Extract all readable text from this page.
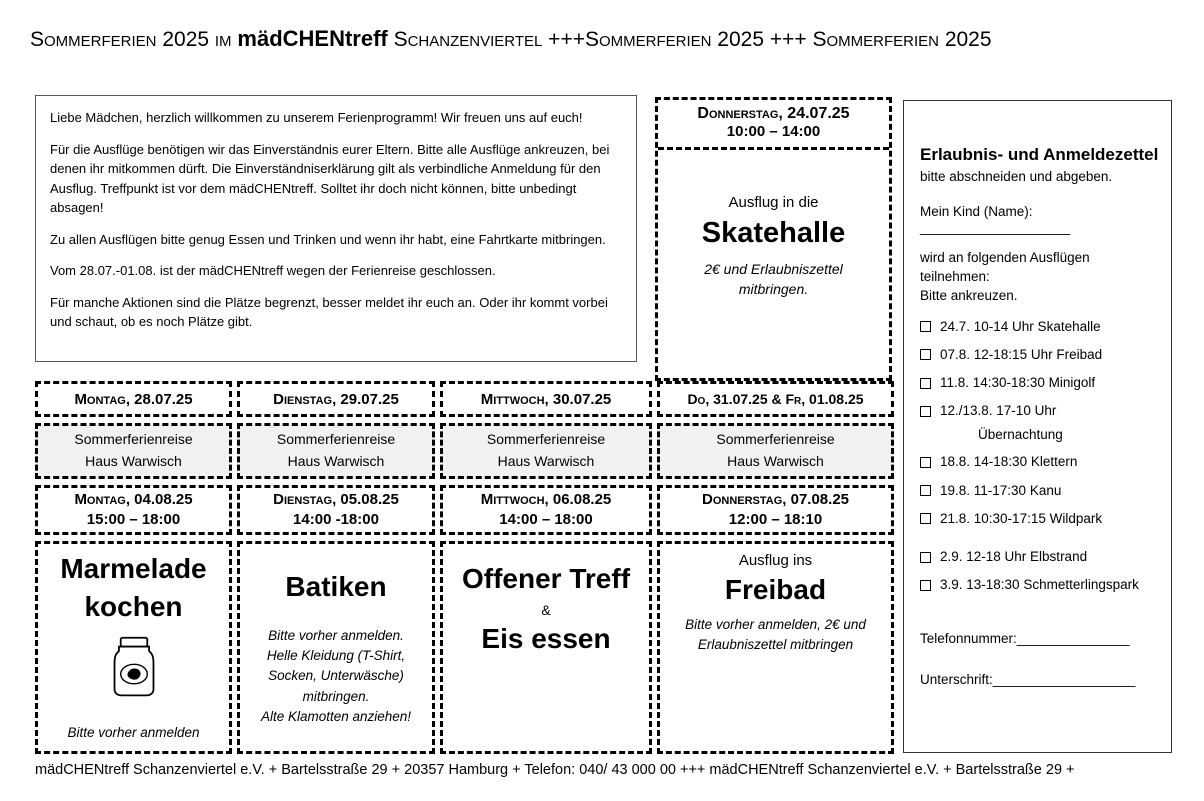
Sommerferien 2025 im mädCHENtreff Schanzenviertel +++Sommerferien 2025 +++ Sommerferien 2025

Liebe Mädchen, herzlich willkommen zu unserem Ferienprogramm! Wir freuen uns auf euch!

Für die Ausflüge benötigen wir das Einverständnis eurer Eltern. Bitte alle Ausflüge ankreuzen, bei denen ihr mitkommen dürft. Die Einverständniserklärung gilt als verbindliche Anmeldung für den Ausflug. Treffpunkt ist vor dem mädCHENtreff. Solltet ihr doch nicht können, bitte unbedingt absagen!

Zu allen Ausflügen bitte genug Essen und Trinken und wenn ihr habt, eine Fahrtkarte mitbringen.

Vom 28.07.-01.08. ist der mädCHENtreff wegen der Ferienreise geschlossen.

Für manche Aktionen sind die Plätze begrenzt, besser meldet ihr euch an. Oder ihr kommt vorbei und schaut, ob es noch Plätze gibt.

Donnerstag, 24.07.25
10:00 – 14:00
Ausflug in die
Skatehalle
2€ und Erlaubniszettel mitbringen.
Erlaubnis- und Anmeldezettel
bitte abschneiden und abgeben.
Mein Kind (Name):
____________________
wird an folgenden Ausflügen teilnehmen:
Bitte ankreuzen.
24.7. 10-14 Uhr Skatehalle
07.8. 12-18:15 Uhr Freibad
11.8. 14:30-18:30 Minigolf
12./13.8. 17-10 Uhr
Übernachtung
18.8. 14-18:30 Klettern
19.8. 11-17:30 Kanu
21.8. 10:30-17:15 Wildpark
2.9. 12-18 Uhr Elbstrand
3.9. 13-18:30 Schmetterlingspark
Telefonnummer:_______________
Unterschrift:___________________
Montag, 28.07.25	Dienstag, 29.07.25	Mittwoch, 30.07.25	Do, 31.07.25 & Fr, 01.08.25
Sommerferienreise
Haus Warwisch
Sommerferienreise
Haus Warwisch
Sommerferienreise
Haus Warwisch
Sommerferienreise
Haus Warwisch
Montag, 04.08.25
15:00 – 18:00
Dienstag, 05.08.25
14:00 -18:00
Mittwoch, 06.08.25
14:00 – 18:00
Donnerstag, 07.08.25
12:00 – 18:10
Marmelade
kochen
Bitte vorher anmelden
Batiken
Bitte vorher anmelden.
Helle Kleidung (T-Shirt,
Socken, Unterwäsche)
mitbringen.
Alte Klamotten anziehen!
Offener Treff
&
Eis essen
Ausflug ins
Freibad
Bitte vorher anmelden, 2€ und
Erlaubniszettel mitbringen
mädCHENtreff Schanzenviertel e.V. + Bartelsstraße 29 + 20357 Hamburg + Telefon: 040/ 43 000 00 +++ mädCHENtreff Schanzenviertel e.V. + Bartelsstraße 29 +
